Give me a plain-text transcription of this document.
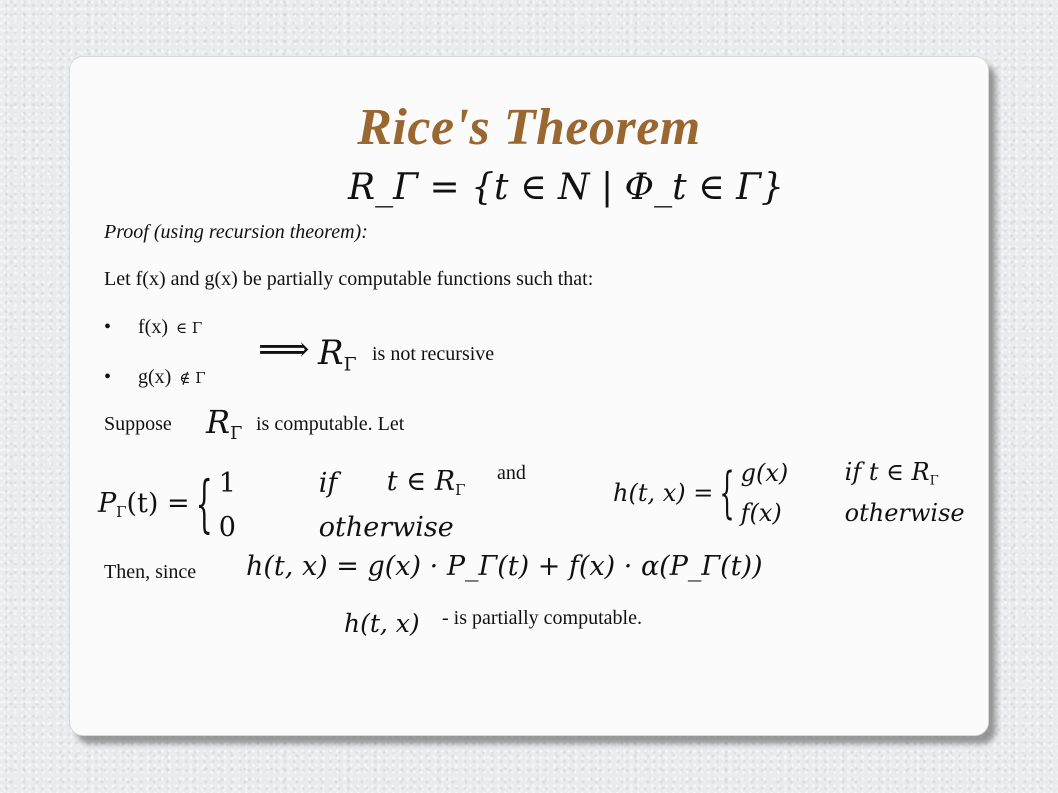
Rice's Theorem
R_Γ = {t ∈ N | Φ_t ∈ Γ}
Proof (using recursion theorem):
Let f(x) and g(x) be partially computable functions such that:
• f(x) ∈ Γ
• g(x) ∉ Γ
⟹ $R_\Gamma$
is not recursive
Suppose $R_\Gamma$ is computable. Let
and
$P_\Gamma(t)$ = { 1	if	t ∈ $R_\Gamma$
0	otherwise
h(t, x) = { g(x)	if t ∈ $R_\Gamma$
f(x)	otherwise
Then, since h(t, x) = g(x) · P_Γ(t) + f(x) · α(P_Γ(t))
h(t, x) - is partially computable.
